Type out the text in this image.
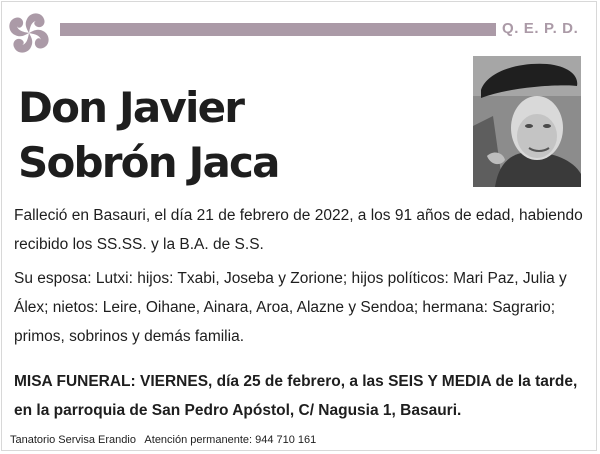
Q. E. P. D.
Don Javier
Sobrón Jaca

Falleció en Basauri, el día 21 de febrero de 2022, a los 91 años de edad, habiendo recibido los SS.SS. y la B.A. de S.S.

Su esposa: Lutxi: hijos: Txabi, Joseba y Zorione; hijos políticos: Mari Paz, Julia y Álex; nietos: Leire, Oihane, Ainara, Aroa, Alazne y Sendoa; hermana: Sagrario; primos, sobrinos y demás familia.

MISA FUNERAL: VIERNES, día 25 de febrero, a las SEIS Y MEDIA de la tarde, en la parroquia de San Pedro Apóstol, C/ Nagusia 1, Basauri.

Tanatorio Servisa Erandio Atención permanente: 944 710 161
